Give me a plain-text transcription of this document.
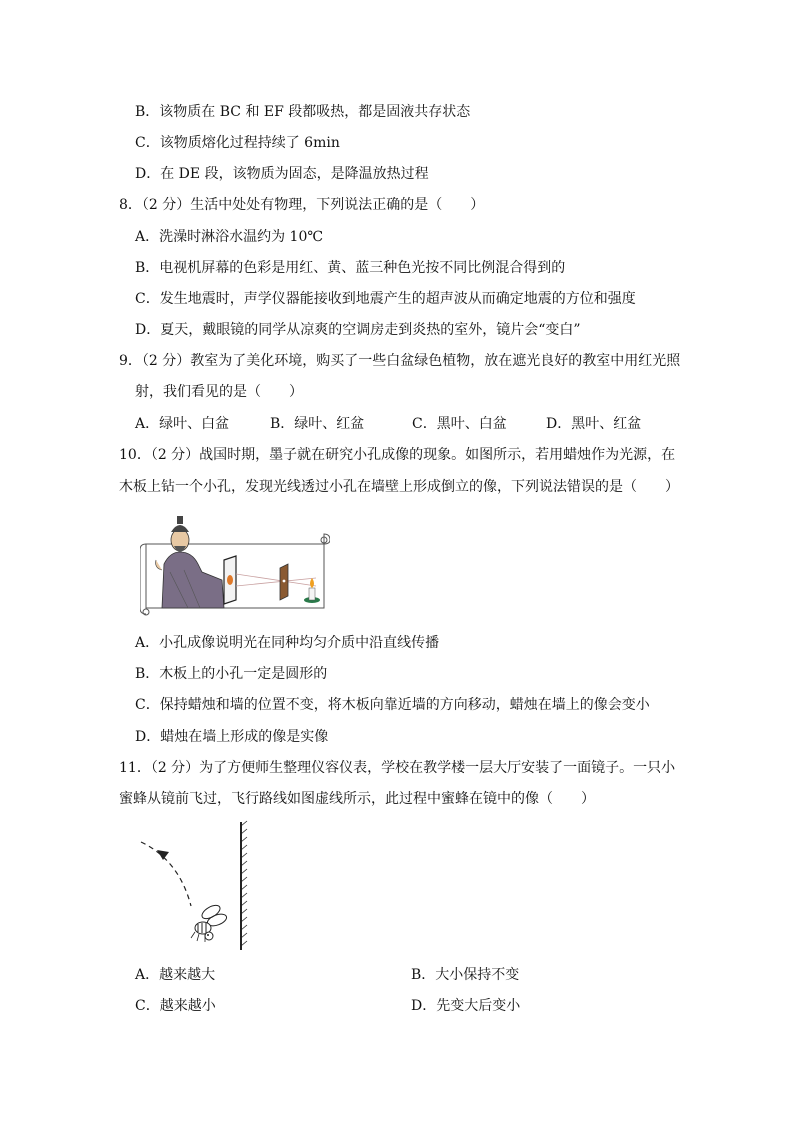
B．该物质在 BC 和 EF 段都吸热，都是固液共存状态
C．该物质熔化过程持续了 6min
D．在 DE 段，该物质为固态，是降温放热过程
8．（2 分）生活中处处有物理，下列说法正确的是（　　）
A．洗澡时淋浴水温约为 10℃
B．电视机屏幕的色彩是用红、黄、蓝三种色光按不同比例混合得到的
C．发生地震时，声学仪器能接收到地震产生的超声波从而确定地震的方位和强度
D．夏天，戴眼镜的同学从凉爽的空调房走到炎热的室外，镜片会“变白”
9．（2 分）教室为了美化环境，购买了一些白盆绿色植物，放在遮光良好的教室中用红光照
射，我们看见的是（　　）
A．绿叶、白盆	B．绿叶、红盆	C．黑叶、白盆	D．黑叶、红盆
10．（2 分）战国时期，墨子就在研究小孔成像的现象。如图所示，若用蜡烛作为光源，在
木板上钻一个小孔，发现光线透过小孔在墙壁上形成倒立的像，下列说法错误的是（　　）
A．小孔成像说明光在同种均匀介质中沿直线传播
B．木板上的小孔一定是圆形的
C．保持蜡烛和墙的位置不变，将木板向靠近墙的方向移动，蜡烛在墙上的像会变小
D．蜡烛在墙上形成的像是实像
11．（2 分）为了方便师生整理仪容仪表，学校在教学楼一层大厅安装了一面镜子。一只小
蜜蜂从镜前飞过，飞行路线如图虚线所示，此过程中蜜蜂在镜中的像（　　）
A．越来越大	B．大小保持不变
C．越来越小	D．先变大后变小
